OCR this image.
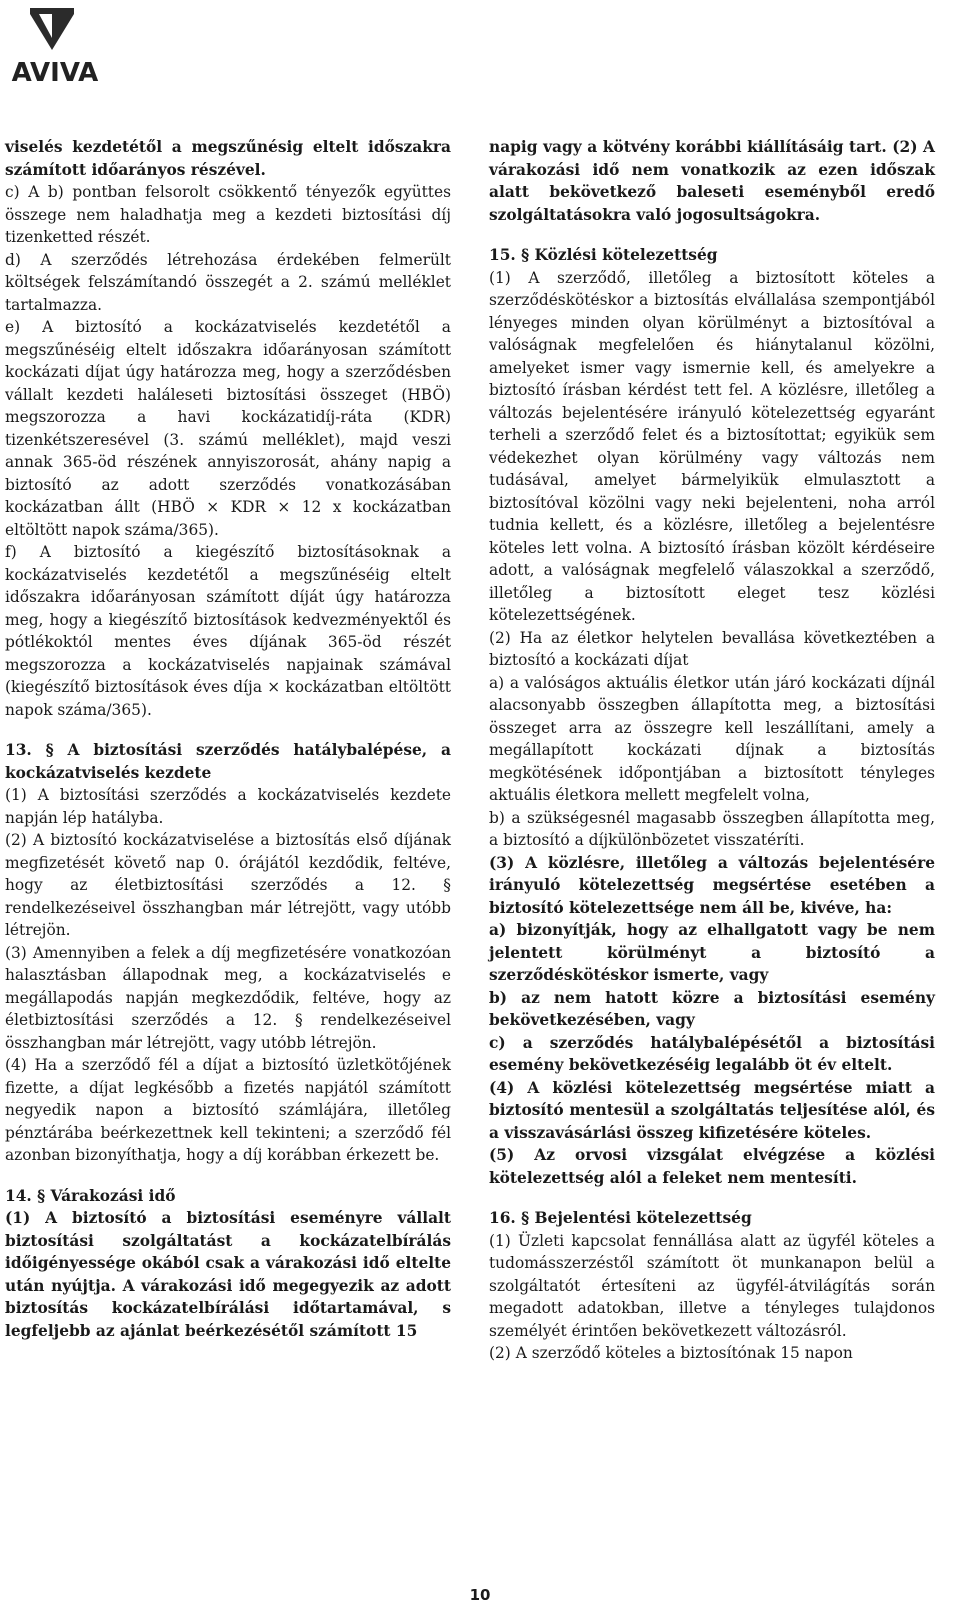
AVIVA

viselés kezdetétől a megszűnésig eltelt időszakra számított időarányos részével.

c) A b) pontban felsorolt csökkentő tényezők együttes összege nem haladhatja meg a kezdeti biztosítási díj tizenketted részét.

d) A szerződés létrehozása érdekében felmerült költségek felszámítandó összegét a 2. számú melléklet tartalmazza.

e) A biztosító a kockázatviselés kezdetétől a megszűnéséig eltelt időszakra időarányosan számított kockázati díjat úgy határozza meg, hogy a szerződésben vállalt kezdeti haláleseti biztosítási összeget (HBÖ) megszorozza a havi kockázatidíj-ráta (KDR) tizenkétszeresével (3. számú melléklet), majd veszi annak 365-öd részének annyiszorosát, ahány napig a biztosító az adott szerződés vonatkozásában kockázatban állt (HBÖ × KDR × 12 x kockázatban eltöltött napok száma/365).

f) A biztosító a kiegészítő biztosításoknak a kockázatviselés kezdetétől a megszűnéséig eltelt időszakra időarányosan számított díját úgy határozza meg, hogy a kiegészítő biztosítások kedvezményektől és pótlékoktól mentes éves díjának 365-öd részét megszorozza a kockázatviselés napjainak számával (kiegészítő biztosítások éves díja × kockázatban eltöltött napok száma/365).

13. § A biztosítási szerződés hatálybalépése, a kockázatviselés kezdete

(1) A biztosítási szerződés a kockázatviselés kezdete napján lép hatályba.

(2) A biztosító kockázatviselése a biztosítás első díjának megfizetését követő nap 0. órájától kezdődik, feltéve, hogy az életbiztosítási szerződés a 12. § rendelkezéseivel összhangban már létrejött, vagy utóbb létrejön.

(3) Amennyiben a felek a díj megfizetésére vonatkozóan halasztásban állapodnak meg, a kockázatviselés e megállapodás napján megkezdődik, feltéve, hogy az életbiztosítási szerződés a 12. § rendelkezéseivel összhangban már létrejött, vagy utóbb létrejön.

(4) Ha a szerződő fél a díjat a biztosító üzletkötőjének fizette, a díjat legkésőbb a fizetés napjától számított negyedik napon a biztosító számlájára, illetőleg pénztárába beérkezettnek kell tekinteni; a szerződő fél azonban bizonyíthatja, hogy a díj korábban érkezett be.

14. § Várakozási idő

(1) A biztosító a biztosítási eseményre vállalt biztosítási szolgáltatást a kockázatelbírálás időigényessége okából csak a várakozási idő eltelte után nyújtja. A várakozási idő megegyezik az adott biztosítás kockázatelbírálási időtartamával, s legfeljebb az ajánlat beérkezésétől számított 15

napig vagy a kötvény korábbi kiállításáig tart. (2) A várakozási idő nem vonatkozik az ezen időszak alatt bekövetkező baleseti eseményből eredő szolgáltatásokra való jogosultságokra.

15. § Közlési kötelezettség

(1) A szerződő, illetőleg a biztosított köteles a szerződéskötéskor a biztosítás elvállalása szempontjából lényeges minden olyan körülményt a biztosítóval a valóságnak megfelelően és hiánytalanul közölni, amelyeket ismer vagy ismernie kell, és amelyekre a biztosító írásban kérdést tett fel. A közlésre, illetőleg a változás bejelentésére irányuló kötelezettség egyaránt terheli a szerződő felet és a biztosítottat; egyikük sem védekezhet olyan körülmény vagy változás nem tudásával, amelyet bármelyikük elmulasztott a biztosítóval közölni vagy neki bejelenteni, noha arról tudnia kellett, és a közlésre, illetőleg a bejelentésre köteles lett volna. A biztosító írásban közölt kérdéseire adott, a valóságnak megfelelő válaszokkal a szerződő, illetőleg a biztosított eleget tesz közlési kötelezettségének.

(2) Ha az életkor helytelen bevallása következtében a biztosító a kockázati díjat

a) a valóságos aktuális életkor után járó kockázati díjnál alacsonyabb összegben állapította meg, a biztosítási összeget arra az összegre kell leszállítani, amely a megállapított kockázati díjnak a biztosítás megkötésének időpontjában a biztosított tényleges aktuális életkora mellett megfelelt volna,

b) a szükségesnél magasabb összegben állapította meg, a biztosító a díjkülönbözetet visszatéríti.

(3) A közlésre, illetőleg a változás bejelentésére irányuló kötelezettség megsértése esetében a biztosító kötelezettsége nem áll be, kivéve, ha:

a) bizonyítják, hogy az elhallgatott vagy be nem jelentett körülményt a biztosító a szerződéskötéskor ismerte, vagy

b) az nem hatott közre a biztosítási esemény bekövetkezésében, vagy

c) a szerződés hatálybalépésétől a biztosítási esemény bekövetkezéséig legalább öt év eltelt.

(4) A közlési kötelezettség megsértése miatt a biztosító mentesül a szolgáltatás teljesítése alól, és a visszavásárlási összeg kifizetésére köteles.

(5) Az orvosi vizsgálat elvégzése a közlési kötelezettség alól a feleket nem mentesíti.

16. § Bejelentési kötelezettség

(1) Üzleti kapcsolat fennállása alatt az ügyfél köteles a tudomásszerzéstől számított öt munkanapon belül a szolgáltatót értesíteni az ügyfél-átvilágítás során megadott adatokban, illetve a tényleges tulajdonos személyét érintően bekövetkezett változásról.

(2) A szerződő köteles a biztosítónak 15 napon

10
